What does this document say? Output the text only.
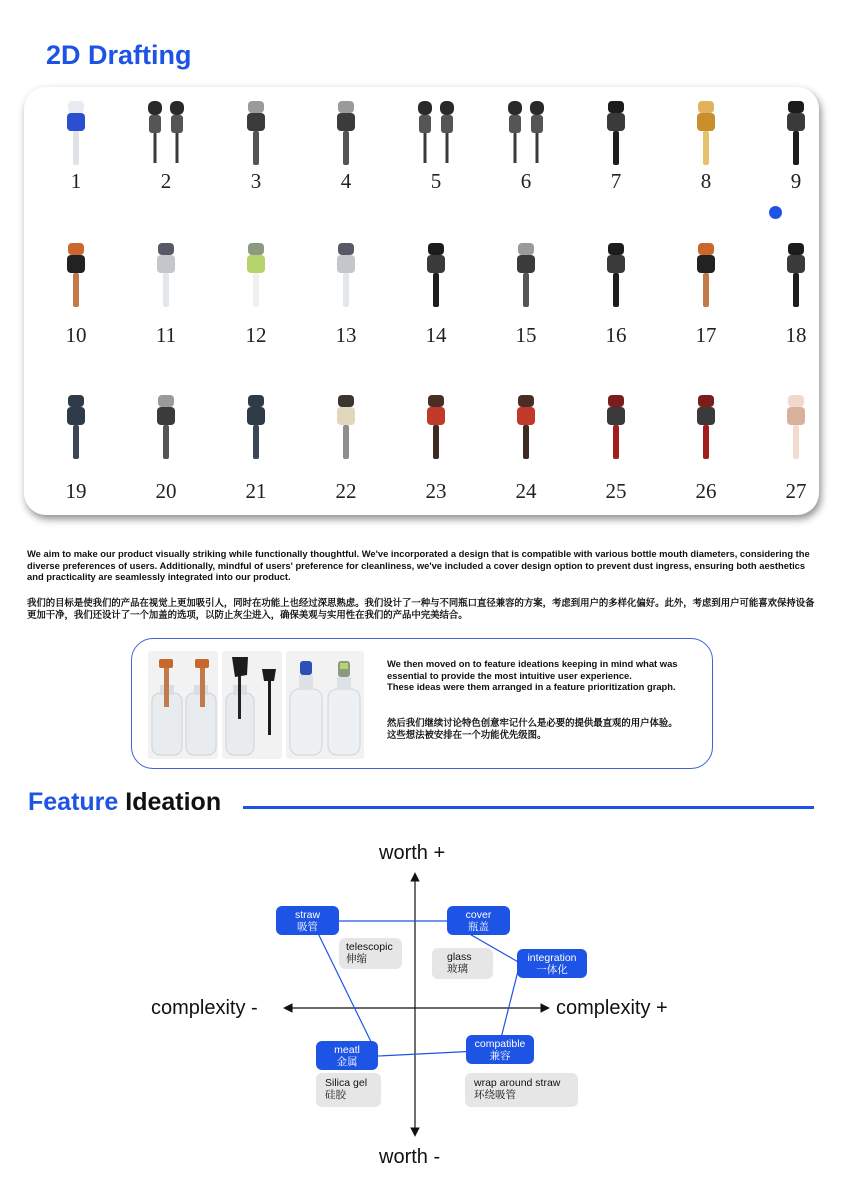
2D Drafting
1	2	3	4	5	6	7	8	9
10	11	12	13	14	15	16	17	18
19	20	21	22	23	24	25	26	27
We aim to make our product visually striking while functionally thoughtful. We've incorporated a design that is compatible with various bottle mouth diameters, considering the diverse preferences of users. Additionally, mindful of users' preference for cleanliness, we've included a cover design option to prevent dust ingress, ensuring both aesthetics and practicality are seamlessly integrated into our product.
我们的目标是使我们的产品在视觉上更加吸引人，同时在功能上也经过深思熟虑。我们设计了一种与不同瓶口直径兼容的方案，考虑到用户的多样化偏好。此外，考虑到用户可能喜欢保持设备更加干净，我们还设计了一个加盖的选项，以防止灰尘进入，确保美观与实用性在我们的产品中完美结合。
We then moved on to feature ideations keeping in mind what was
essential to provide the most intuitive user experience.
These ideas were them arranged in a feature prioritization graph.
然后我们继续讨论特色创意牢记什么是必要的提供最直观的用户体验。
这些想法被安排在一个功能优先级图。
Feature Ideation
worth +
worth -
complexity -	complexity +
straw
吸管
cover
瓶盖
integration
一体化
compatible
兼容
meatl
金属
telescopic
伸缩	glass
玻璃
Silica gel
硅胶
wrap around straw
环绕吸管
